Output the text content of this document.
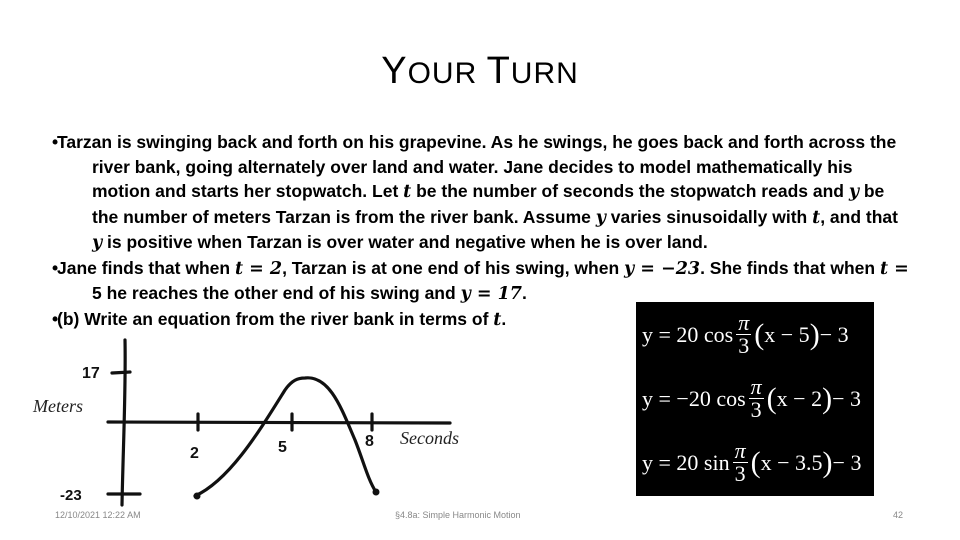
YOUR TURN
•
Tarzan is swinging back and forth on his grapevine. As he swings, he goes back and forth across the river bank, going alternately over land and water. Jane decides to model mathematically his motion and starts her stopwatch. Let t be the number of seconds the stopwatch reads and y be the number of meters Tarzan is from the river bank. Assume y varies sinusoidally with t, and that y is positive when Tarzan is over water and negative when he is over land.
•
Jane finds that when t = 2, Tarzan is at one end of his swing, when y = −23. She finds that when t = 5 he reaches the other end of his swing and y = 17.
•
(b) Write an equation from the river bank in terms of t.
17
-23
Meters
Seconds
2	5	8
y = 20 $\cos \frac{\pi}{3}$ ( x − 5 ) − 3
y = −20 $\cos \frac{\pi}{3}$ ( x − 2 ) − 3
y = 20 $\sin \frac{\pi}{3}$ ( x − 3.5 ) − 3
12/10/2021 12:22 AM	§4.8a: Simple Harmonic Motion	42
